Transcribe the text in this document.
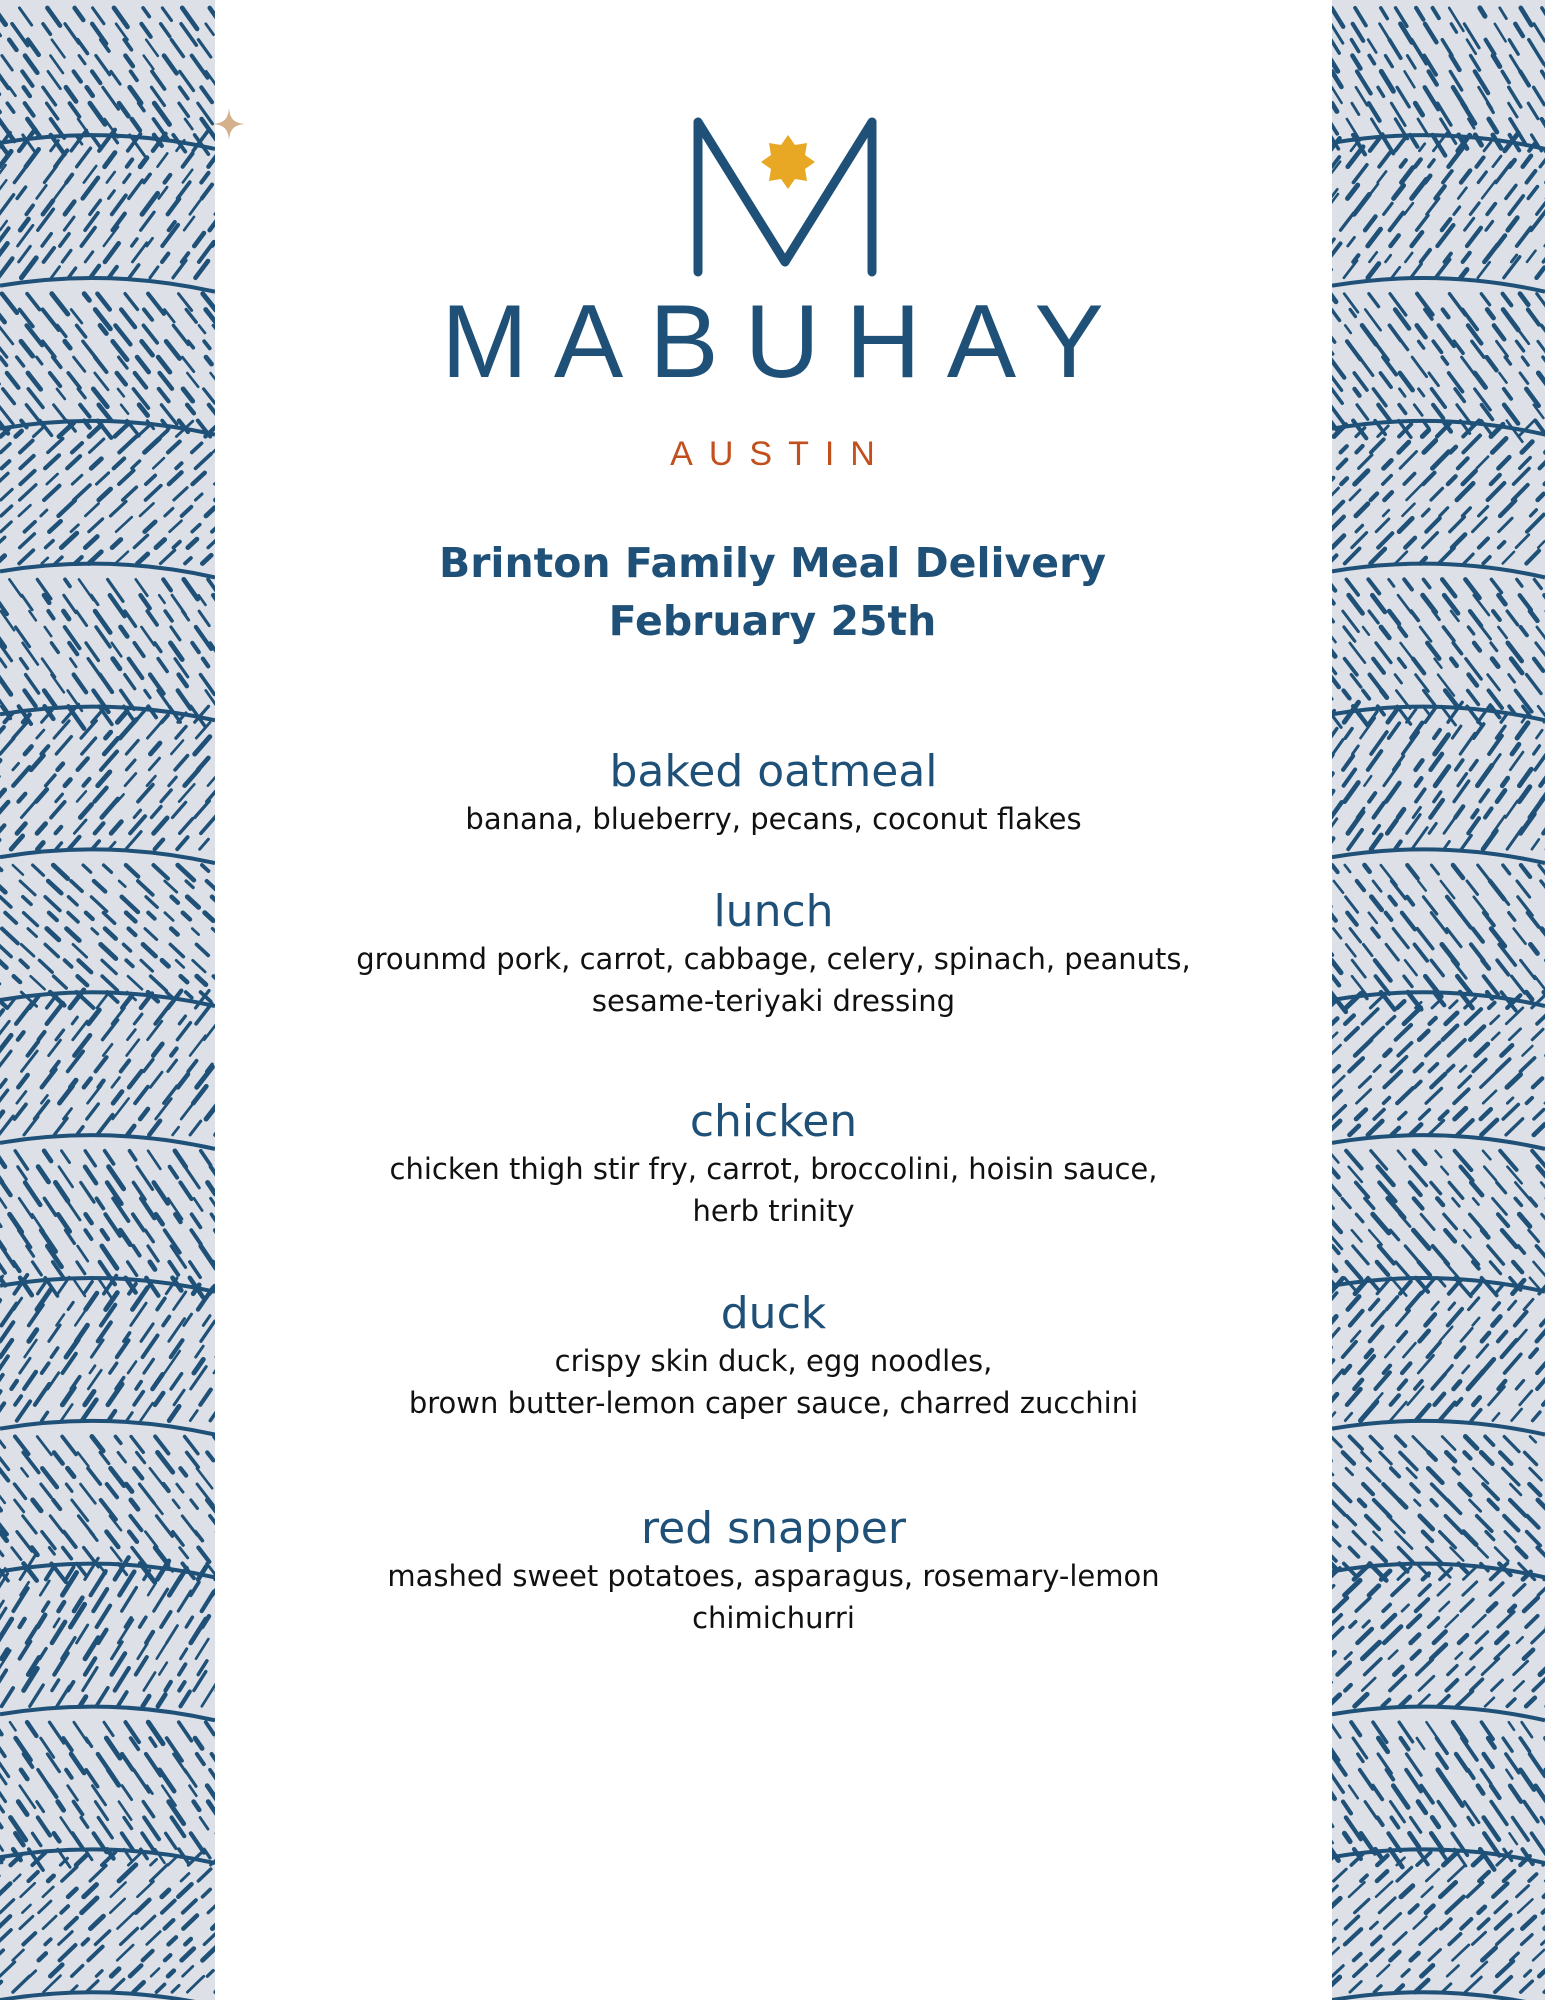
MABUHAY
AUSTIN
Brinton Family Meal Delivery
February 25th
baked oatmeal
banana, blueberry, pecans, coconut flakes
lunch
grounmd pork, carrot, cabbage, celery, spinach, peanuts,
sesame-teriyaki dressing
chicken
chicken thigh stir fry, carrot, broccolini, hoisin sauce,
herb trinity
duck
crispy skin duck, egg noodles,
brown butter-lemon caper sauce, charred zucchini
red snapper
mashed sweet potatoes, asparagus, rosemary-lemon
chimichurri
